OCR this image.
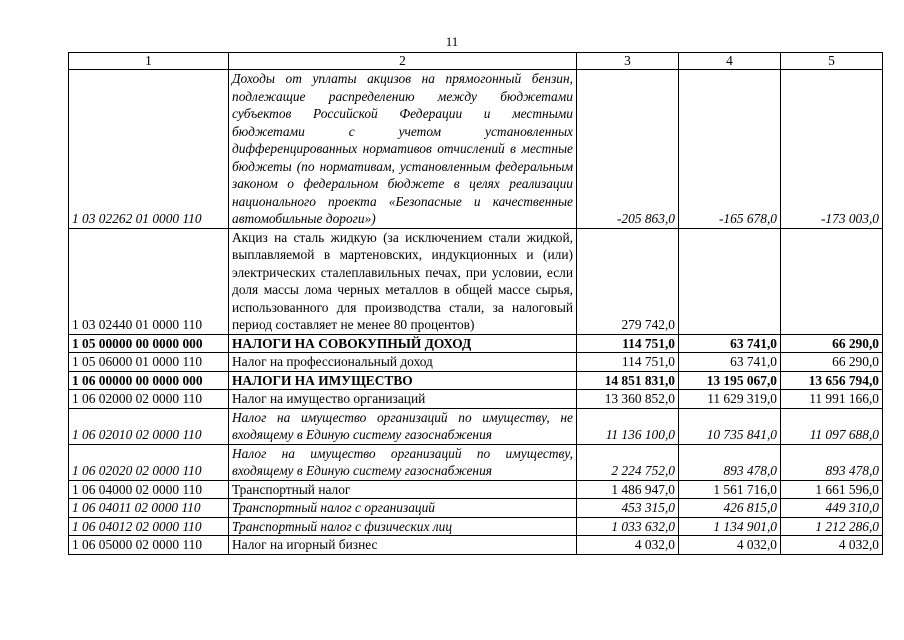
11
1	2	3	4	5
1 03 02262 01 0000 110	Доходы от уплаты акцизов на прямогонный бензин, подлежащие распределению между бюджетами субъектов Российской Федерации и местными бюджетами с учетом установленных дифференцированных нормативов отчислений в местные бюджеты (по нормативам, установленным федеральным законом о федеральном бюджете в целях реализации национального проекта «Безопасные и качественные автомобильные дороги»)	-205 863,0	-165 678,0	-173 003,0
1 03 02440 01 0000 110	Акциз на сталь жидкую (за исключением стали жидкой, выплавляемой в мартеновских, индукционных и (или) электрических сталеплавильных печах, при условии, если доля массы лома черных металлов в общей массе сырья, использованного для производства стали, за налоговый период составляет не менее 80 процентов)	279 742,0		
1 05 00000 00 0000 000	НАЛОГИ НА СОВОКУПНЫЙ ДОХОД	114 751,0	63 741,0	66 290,0
1 05 06000 01 0000 110	Налог на профессиональный доход	114 751,0	63 741,0	66 290,0
1 06 00000 00 0000 000	НАЛОГИ НА ИМУЩЕСТВО	14 851 831,0	13 195 067,0	13 656 794,0
1 06 02000 02 0000 110	Налог на имущество организаций	13 360 852,0	11 629 319,0	11 991 166,0
1 06 02010 02 0000 110	Налог на имущество организаций по имуществу, не входящему в Единую систему газоснабжения	11 136 100,0	10 735 841,0	11 097 688,0
1 06 02020 02 0000 110	Налог на имущество организаций по имуществу, входящему в Единую систему газоснабжения	2 224 752,0	893 478,0	893 478,0
1 06 04000 02 0000 110	Транспортный налог	1 486 947,0	1 561 716,0	1 661 596,0
1 06 04011 02 0000 110	Транспортный налог с организаций	453 315,0	426 815,0	449 310,0
1 06 04012 02 0000 110	Транспортный налог с физических лиц	1 033 632,0	1 134 901,0	1 212 286,0
1 06 05000 02 0000 110	Налог на игорный бизнес	4 032,0	4 032,0	4 032,0
